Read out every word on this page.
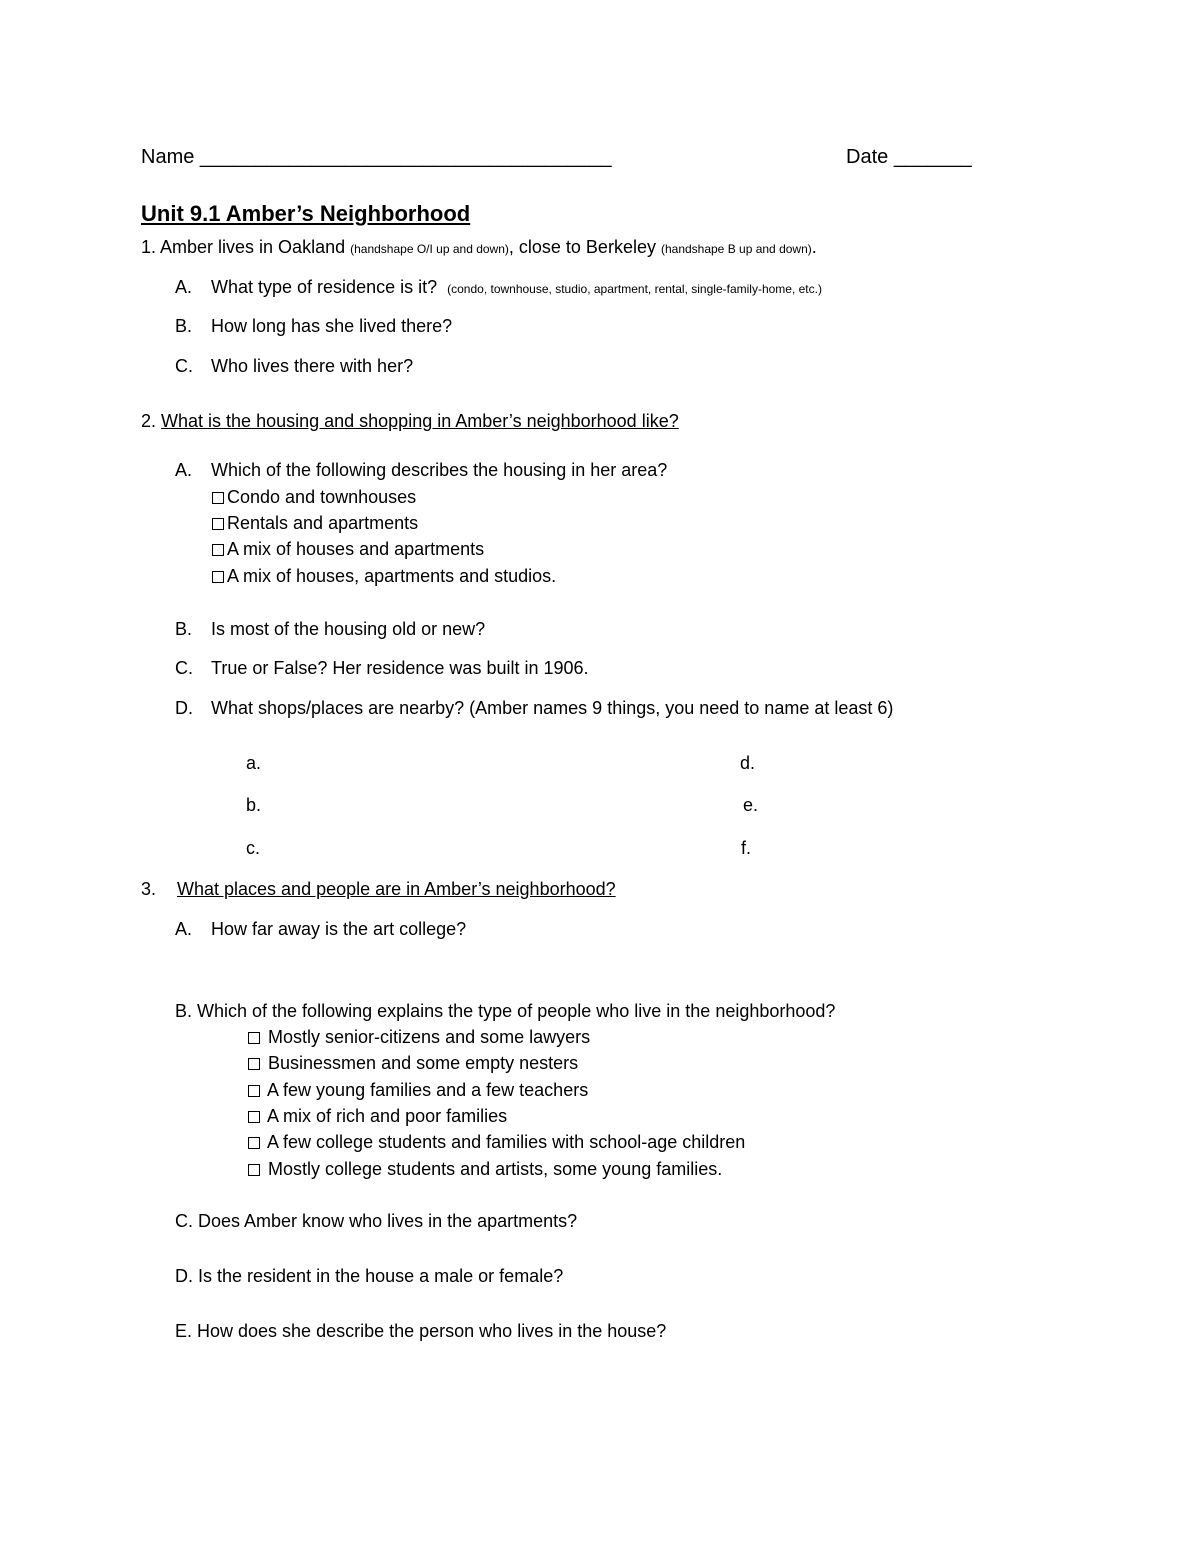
Name _____________________________________	Date _______
Unit 9.1 Amber’s Neighborhood
1. Amber lives in Oakland (handshape O/I up and down), close to Berkeley (handshape B up and down).
A. What type of residence is it? (condo, townhouse, studio, apartment, rental, single-family-home, etc.)
B. How long has she lived there?
C. Who lives there with her?
2. What is the housing and shopping in Amber’s neighborhood like?
A. Which of the following describes the housing in her area?
Condo and townhouses
Rentals and apartments
A mix of houses and apartments
A mix of houses, apartments and studios.
B. Is most of the housing old or new?
C. True or False? Her residence was built in 1906.
D. What shops/places are nearby? (Amber names 9 things, you need to name at least 6)
a.
b.
c.
d.
e.
f.
3. What places and people are in Amber’s neighborhood?
A. How far away is the art college?
B. Which of the following explains the type of people who live in the neighborhood?
Mostly senior-citizens and some lawyers
Businessmen and some empty nesters
A few young families and a few teachers
A mix of rich and poor families
A few college students and families with school-age children
Mostly college students and artists, some young families.
C. Does Amber know who lives in the apartments?
D. Is the resident in the house a male or female?
E. How does she describe the person who lives in the house?
